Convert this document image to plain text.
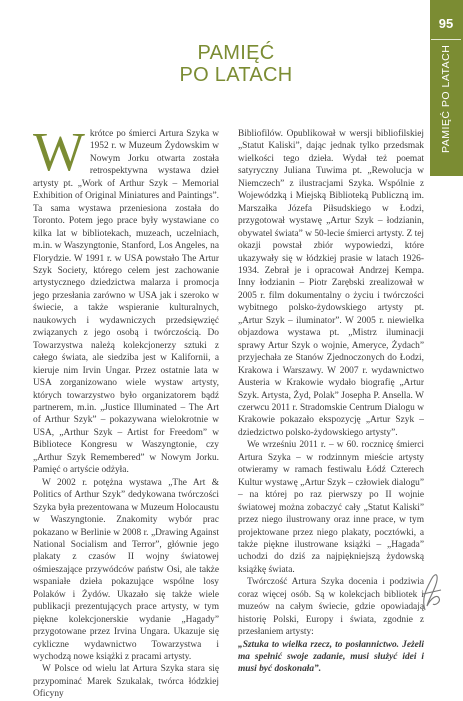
95
PAMIĘĆ PO LATACH
PAMIĘĆ
PO LATACH

Wkrótce po śmierci Artura Szyka w 1952 r. w Muzeum Żydowskim w Nowym Jorku otwarta została retrospektywna wystawa dzieł artysty pt. „Work of Arthur Szyk – Memorial Exhibition of Original Miniatures and Paintings”. Ta sama wystawa przeniesiona została do Toronto. Potem jego prace były wystawiane co kilka lat w bibliotekach, muzeach, uczelniach, m.in. w Waszyngtonie, Stanford, Los Angeles, na Florydzie. W 1991 r. w USA powstało The Artur Szyk Society, którego celem jest zachowanie artystycznego dziedzictwa malarza i promocja jego przesłania zarówno w USA jak i szeroko w świecie, a także wspieranie kulturalnych, naukowych i wydawniczych przedsięwzięć związanych z jego osobą i twórczością. Do Towarzystwa należą kolekcjonerzy sztuki z całego świata, ale siedziba jest w Kalifornii, a kieruje nim Irvin Ungar. Przez ostatnie lata w USA zorganizowano wiele wystaw artysty, których towarzystwo było organizatorem bądź partnerem, m.in. „Justice Illuminated – The Art of Arthur Szyk” – pokazywana wielokrotnie w USA, „Arthur Szyk – Artist for Freedom” w Bibliotece Kongresu w Waszyngtonie, czy „Arthur Szyk Remembered” w Nowym Jorku. Pamięć o artyście odżyła.

W 2002 r. potężna wystawa „The Art & Politics of Arthur Szyk” dedykowana twórczości Szyka była prezentowana w Muzeum Holocaustu w Waszyngtonie. Znakomity wybór prac pokazano w Berlinie w 2008 r. „Drawing Against National Socialism and Terror”, głównie jego plakaty z czasów II wojny światowej ośmieszające przywódców państw Osi, ale także wspaniałe dzieła pokazujące wspólne losy Polaków i Żydów. Ukazało się także wiele publikacji prezentujących prace artysty, w tym piękne kolekcjonerskie wydanie „Hagady” przygotowane przez Irvina Ungara. Ukazuje się cykliczne wydawnictwo Towarzystwa i wychodzą nowe książki z pracami artysty.

W Polsce od wielu lat Artura Szyka stara się przypominać Marek Szukalak, twórca łódzkiej Oficyny

Bibliofilów. Opublikował w wersji bibliofilskiej „Statut Kaliski”, dając jednak tylko przedsmak wielkości tego dzieła. Wydał też poemat satyryczny Juliana Tuwima pt. „Rewolucja w Niemczech” z ilustracjami Szyka. Wspólnie z Wojewódzką i Miejską Biblioteką Publiczną im. Marszałka Józefa Piłsudskiego w Łodzi, przygotował wystawę „Artur Szyk – łodzianin, obywatel świata” w 50-lecie śmierci artysty. Z tej okazji powstał zbiór wypowiedzi, które ukazywały się w łódzkiej prasie w latach 1926-1934. Zebrał je i opracował Andrzej Kempa. Inny łodzianin – Piotr Zarębski zrealizował w 2005 r. film dokumentalny o życiu i twórczości wybitnego polsko-żydowskiego artysty pt. „Artur Szyk – iluminator”. W 2005 r. niewielka objazdowa wystawa pt. „Mistrz iluminacji sprawy Artur Szyk o wojnie, Ameryce, Żydach” przyjechała ze Stanów Zjednoczonych do Łodzi, Krakowa i Warszawy. W 2007 r. wydawnictwo Austeria w Krakowie wydało biografię „Artur Szyk. Artysta, Żyd, Polak” Josepha P. Ansella. W czerwcu 2011 r. Stradomskie Centrum Dialogu w Krakowie pokazało ekspozycję „Artur Szyk – dziedzictwo polsko-żydowskiego artysty”.

We wrześniu 2011 r. – w 60. rocznicę śmierci Artura Szyka – w rodzinnym mieście artysty otwieramy w ramach festiwalu Łódź Czterech Kultur wystawę „Artur Szyk – człowiek dialogu” – na której po raz pierwszy po II wojnie światowej można zobaczyć cały „Statut Kaliski” przez niego ilustrowany oraz inne prace, w tym projektowane przez niego plakaty, pocztówki, a także piękne ilustrowane książki – „Hagada” uchodzi do dziś za najpiękniejszą żydowską książkę świata.

Twórczość Artura Szyka docenia i podziwia coraz więcej osób. Są w kolekcjach bibliotek i muzeów na całym świecie, gdzie opowiadają historię Polski, Europy i świata, zgodnie z przesłaniem artysty:

„Sztuka to wielka rzecz, to posłannictwo. Jeżeli ma spełnić swoje zadanie, musi służyć idei i musi być doskonała”.
